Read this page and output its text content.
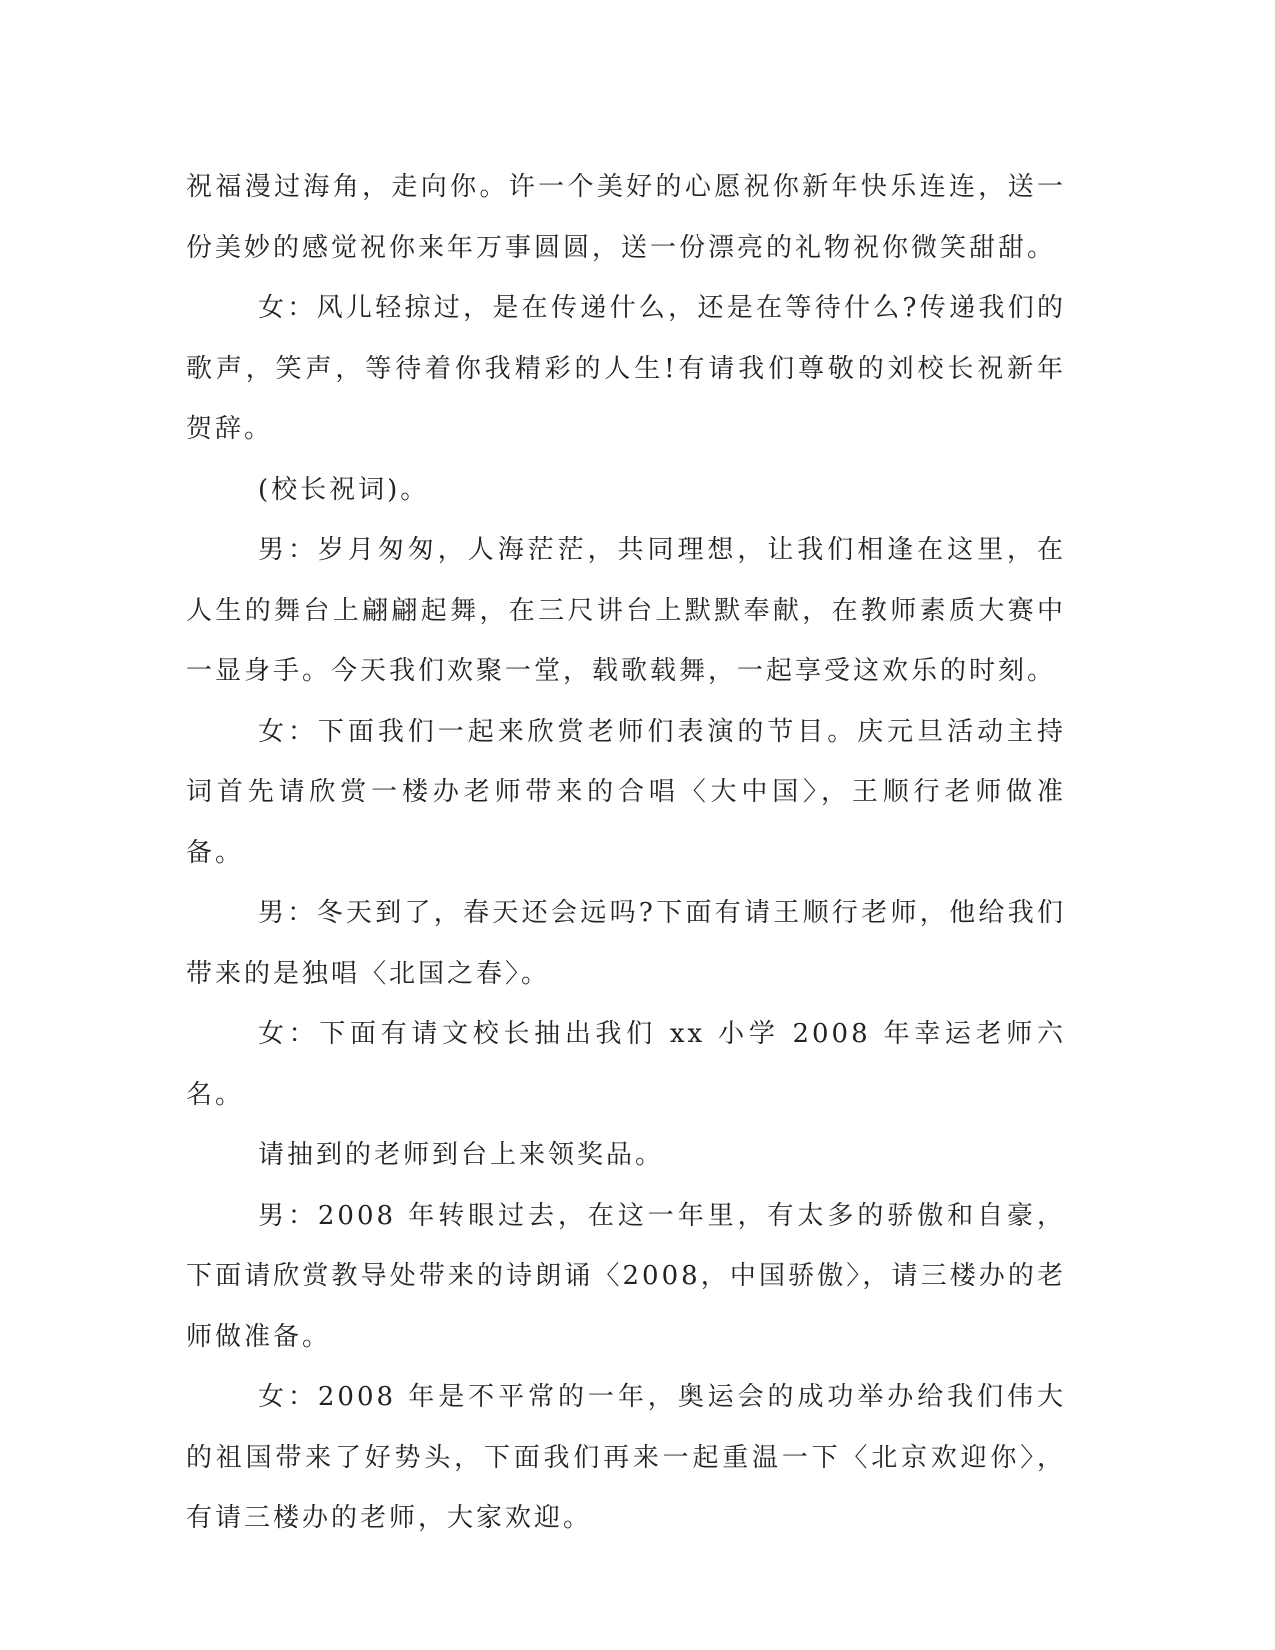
祝福漫过海角，走向你。许一个美好的心愿祝你新年快乐连连，送一份美妙的感觉祝你来年万事圆圆，送一份漂亮的礼物祝你微笑甜甜。

女：风儿轻掠过，是在传递什么，还是在等待什么?传递我们的歌声，笑声，等待着你我精彩的人生!有请我们尊敬的刘校长祝新年贺辞。

(校长祝词)。

男：岁月匆匆，人海茫茫，共同理想，让我们相逢在这里，在人生的舞台上翩翩起舞，在三尺讲台上默默奉献，在教师素质大赛中一显身手。今天我们欢聚一堂，载歌载舞，一起享受这欢乐的时刻。

女：下面我们一起来欣赏老师们表演的节目。庆元旦活动主持词首先请欣赏一楼办老师带来的合唱〈大中国〉，王顺行老师做准备。

男：冬天到了，春天还会远吗?下面有请王顺行老师，他给我们带来的是独唱〈北国之春〉。

女：下面有请文校长抽出我们 xx 小学 2008 年幸运老师六名。

请抽到的老师到台上来领奖品。

男：2008 年转眼过去，在这一年里，有太多的骄傲和自豪，下面请欣赏教导处带来的诗朗诵〈2008，中国骄傲〉，请三楼办的老师做准备。

女：2008 年是不平常的一年，奥运会的成功举办给我们伟大的祖国带来了好势头，下面我们再来一起重温一下〈北京欢迎你〉，有请三楼办的老师，大家欢迎。
